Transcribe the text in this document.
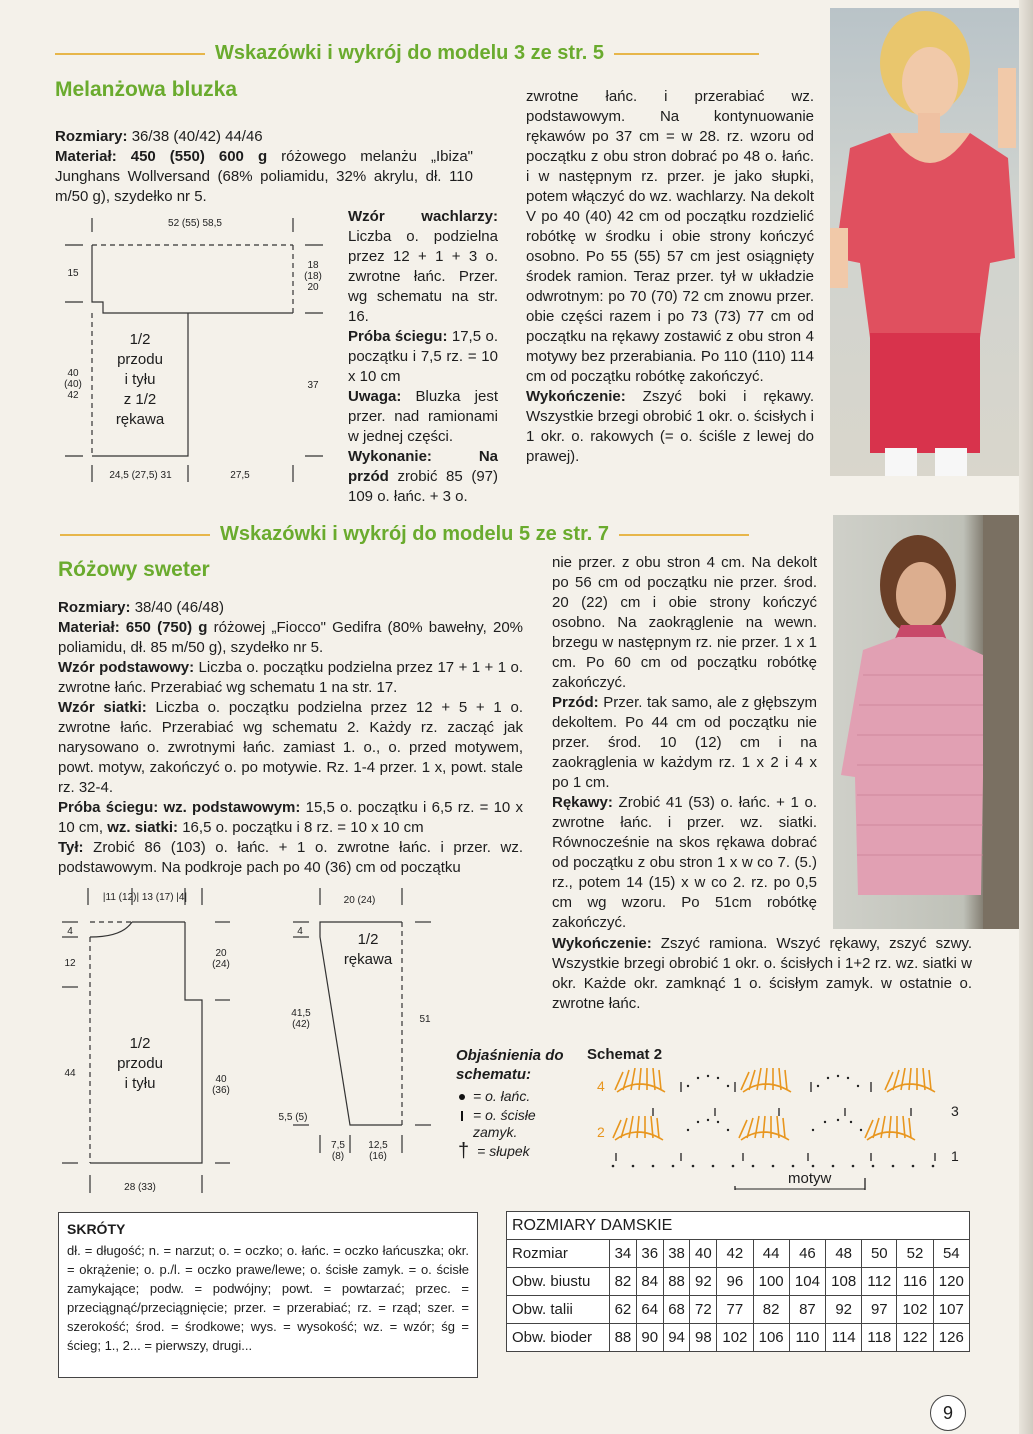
Wskazówki i wykrój do modelu 3 ze str. 5
Melanżowa bluzka

Rozmiary: 36/38 (40/42) 44/46

Materiał: 450 (550) 600 g różowego melanżu „Ibiza" Junghans Wollversand (68% poliamidu, 32% akrylu, dł. 110 m/50 g), szydełko nr 5.

52 (55) 58,5
15
40
(40)
42
18
(18)
20
37
24,5 (27,5) 31	27,5
1/2
przodu
i tyłu
z 1/2
rękawa

Wzór wachlarzy: Liczba o. podzielna przez 12 + 1 + 3 o. zwrotne łańc. Przer. wg schematu na str. 16.

Próba ściegu: 17,5 o. początku i 7,5 rz. = 10 x 10 cm

Uwaga: Bluzka jest przer. nad ramionami w jednej części.

Wykonanie:	Na przód zrobić 85 (97) 109 o. łańc. + 3 o.

zwrotne łańc. i przerabiać wz. podstawowym. Na kontynuowanie rękawów po 37 cm = w 28. rz. wzoru od początku z obu stron dobrać po 48 o. łańc. i w następnym rz. przer. je jako słupki, potem włączyć do wz. wachlarzy. Na dekolt V po 40 (40) 42 cm od początku rozdzielić robótkę w środku i obie strony kończyć osobno. Po 55 (55) 57 cm jest osiągnięty środek ramion. Teraz przer. tył w układzie odwrotnym: po 70 (70) 72 cm znowu przer. obie części razem i po 73 (73) 77 cm od początku na rękawy zostawić z obu stron 4 motywy bez przerabiania. Po 110 (110) 114 cm od początku robótkę zakończyć.

Wykończenie: Zszyć boki i rękawy. Wszystkie brzegi obrobić 1 okr. o. ścisłych i 1 okr. o. rakowych (= o. ściśle z lewej do prawej).

Wskazówki i wykrój do modelu 5 ze str. 7
Różowy sweter

Rozmiary: 38/40 (46/48)

Materiał: 650 (750) g różowej „Fiocco" Gedifra (80% bawełny, 20% poliamidu, dł. 85 m/50 g), szydełko nr 5.

Wzór podstawowy: Liczba o. początku podzielna przez 17 + 1 + 1 o. zwrotne łańc. Przerabiać wg schematu 1 na str. 17.

Wzór siatki: Liczba o. początku podzielna przez 12 + 5 + 1 o. zwrotne łańc. Przerabiać wg schematu 2. Każdy rz. zacząć jak narysowano o. zwrotnymi łańc. zamiast 1. o., o. przed motywem, powt. motyw, zakończyć o. po motywie. Rz. 1-4 przer. 1 x, powt. stale rz. 32-4.

Próba ściegu: wz. podstawowym: 15,5 o. początku i 6,5 rz. = 10 x 10 cm, wz. siatki: 16,5 o. początku i 8 rz. = 10 x 10 cm

Tył: Zrobić 86 (103) o. łańc. + 1 o. zwrotne łańc. i przer. wz. podstawowym. Na podkroje pach po 40 (36) cm od początku

|11 (12)| 13 (17) |4|
4
12
44
20
(24)
40
(36)
28 (33)
1/2
przodu
i tyłu
20 (24)
4
41,5
(42)
5,5 (5)
51
7,5
(8)
12,5
(16)
1/2
rękawa

nie przer. z obu stron 4 cm. Na dekolt po 56 cm od początku nie przer. środ. 20 (22) cm i obie strony kończyć osobno. Na zaokrąglenie na wewn. brzegu w następnym rz. nie przer. 1 x 1 cm. Po 60 cm od początku robótkę zakończyć.

Przód: Przer. tak samo, ale z głębszym dekoltem. Po 44 cm od początku nie przer. środ. 10 (12) cm i na zaokrąglenia w każdym rz. 1 x 2 i 4 x po 1 cm.

Rękawy: Zrobić 41 (53) o. łańc. + 1 o. zwrotne łańc. i przer. wz. siatki. Równocześnie na skos rękawa dobrać od początku z obu stron 1 x w co 7. (5.) rz., potem 14 (15) x w co 2. rz. po 0,5 cm wg wzoru. Po 51cm robótkę zakończyć.

Wykończenie: Zszyć ramiona. Wszyć rękawy, zszyć szwy. Wszystkie brzegi obrobić 1 okr. o. ścisłych i 1+2 rz. wz. siatki w okr. Każde okr. zamknąć 1 o. ścisłym zamyk. w ostatnie o. zwrotne łańc.

Objaśnienia do schematu:
= o. łańc.
= o. ścisłe zamyk.
† = słupek
Schemat 2
4
3
2
1
motyw
SKRÓTY
dł. = długość; n. = narzut; o. = oczko; o. łańc. = oczko łańcuszka; okr. = okrążenie; o. p./l. = oczko prawe/lewe; o. ścisłe zamyk. = o. ścisłe zamykające; podw. = podwójny; powt. = powtarzać; przec. = przeciągnąć/przeciągnięcie; przer. = przerabiać; rz. = rząd; szer. = szerokość; środ. = środkowe; wys. = wysokość; wz. = wzór; śg = ścieg; 1., 2... = pierwszy, drugi...
ROZMIARY DAMSKIE											
Rozmiar	34	36	38	40	42	44	46	48	50	52	54
Obw. biustu	82	84	88	92	96	100	104	108	112	116	120
Obw. talii	62	64	68	72	77	82	87	92	97	102	107
Obw. bioder	88	90	94	98	102	106	110	114	118	122	126
9
